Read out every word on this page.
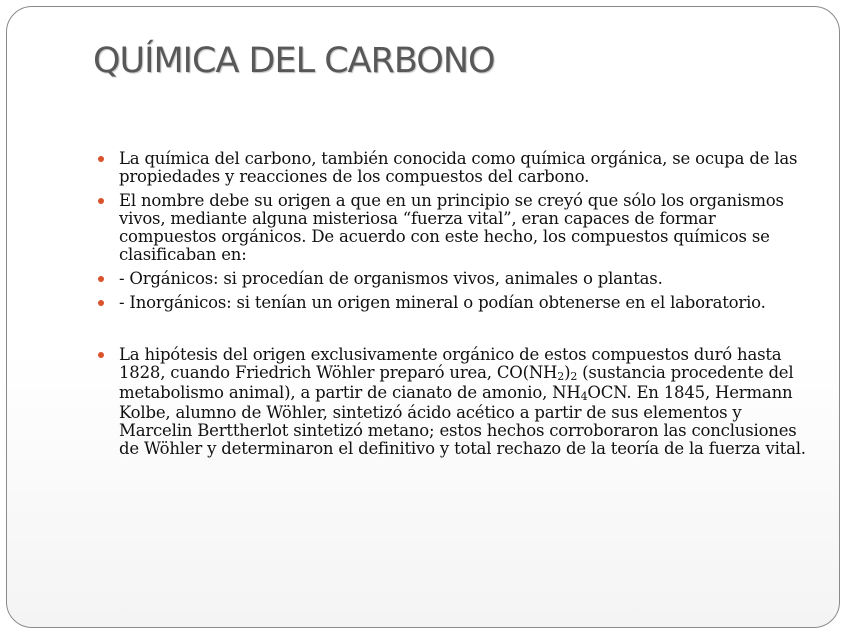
QUÍMICA DEL CARBONO
La química del carbono, también conocida como química orgánica, se ocupa de las propiedades y reacciones de los compuestos del carbono.
El nombre debe su origen a que en un principio se creyó que sólo los organismos vivos, mediante alguna misteriosa “fuerza vital”, eran capaces de formar compuestos orgánicos. De acuerdo con este hecho, los compuestos químicos se clasificaban en:
- Orgánicos: si procedían de organismos vivos, animales o plantas.
- Inorgánicos: si tenían un origen mineral o podían obtenerse en el laboratorio.
La hipótesis del origen exclusivamente orgánico de estos compuestos duró hasta 1828, cuando Friedrich Wöhler preparó urea, CO(NH2)2 (sustancia procedente del metabolismo animal), a partir de cianato de amonio, NH4OCN. En 1845, Hermann Kolbe, alumno de Wöhler, sintetizó ácido acético a partir de sus elementos y Marcelin Berttherlot sintetizó metano; estos hechos corroboraron las conclusiones de Wöhler y determinaron el definitivo y total rechazo de la teoría de la fuerza vital.
